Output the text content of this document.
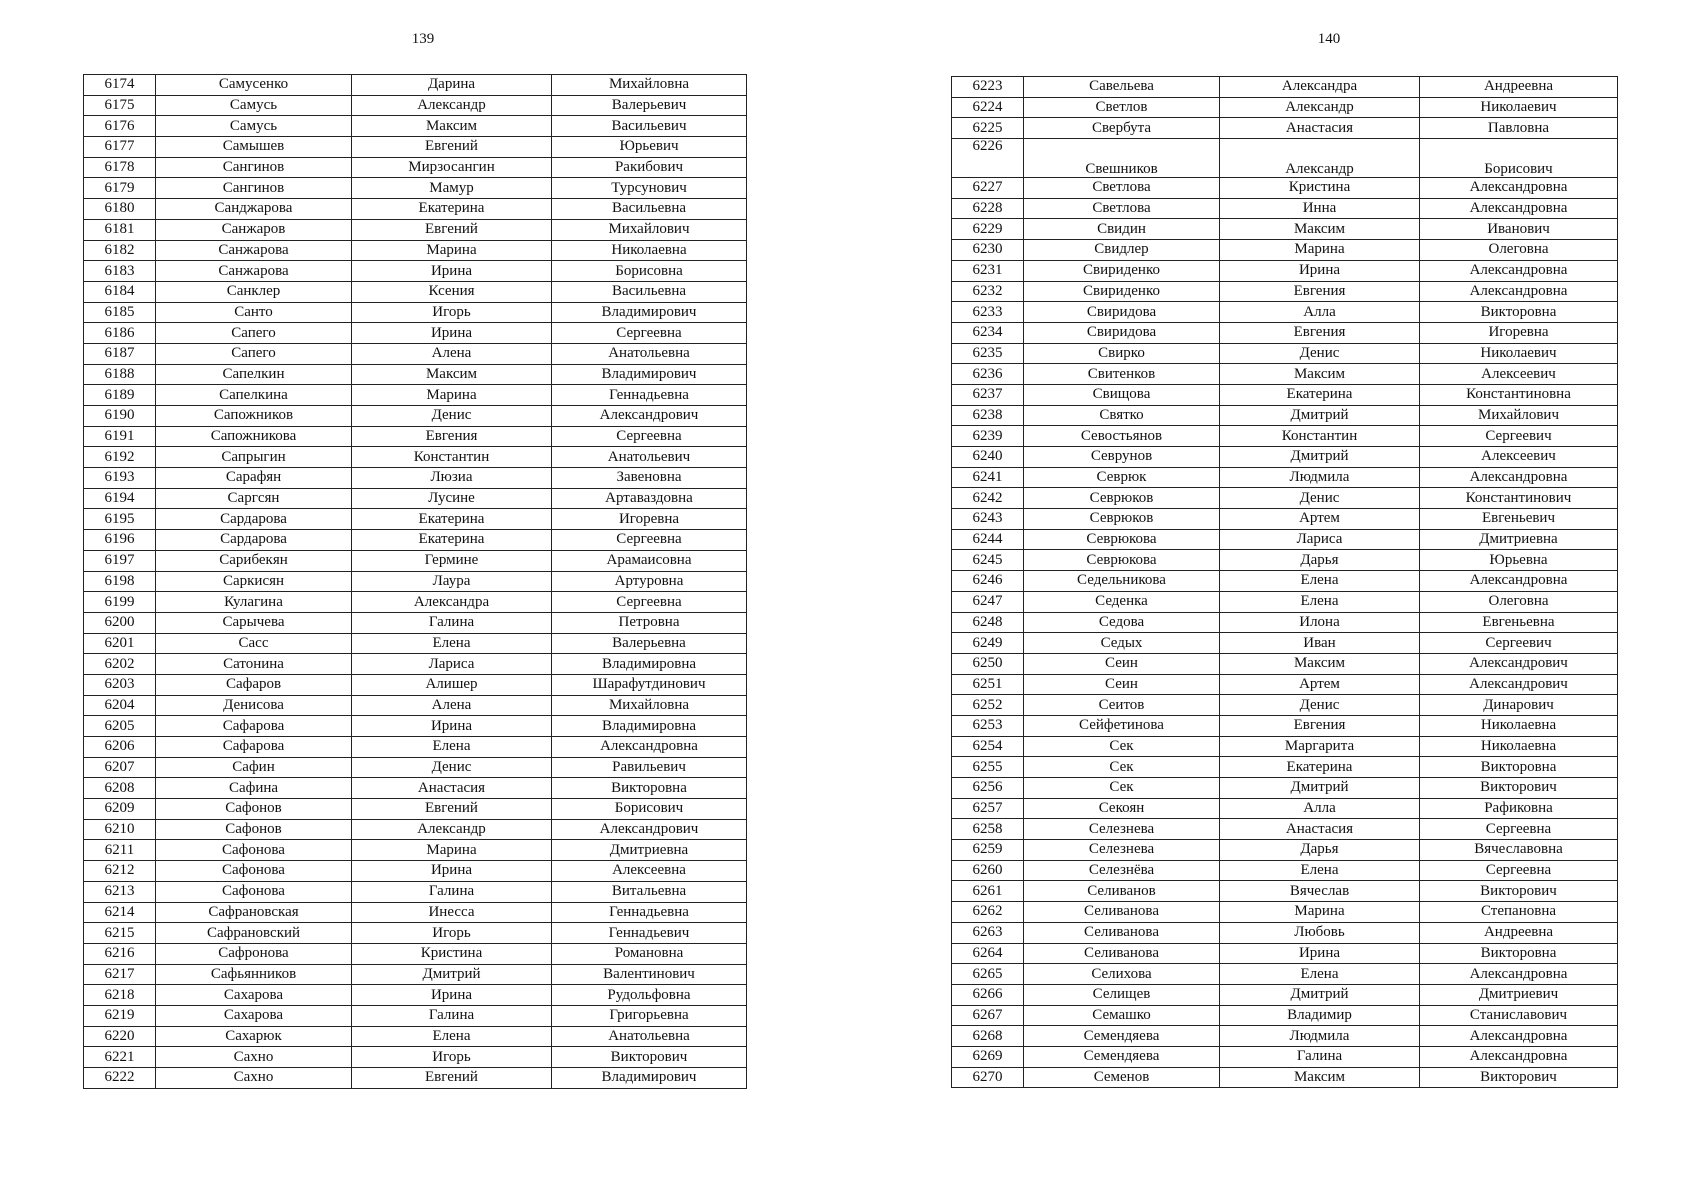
139
6174	Самусенко	Дарина	Михайловна
6175	Самусь	Александр	Валерьевич
6176	Самусь	Максим	Васильевич
6177	Самышев	Евгений	Юрьевич
6178	Сангинов	Мирзосангин	Ракибович
6179	Сангинов	Мамур	Турсунович
6180	Санджарова	Екатерина	Васильевна
6181	Санжаров	Евгений	Михайлович
6182	Санжарова	Марина	Николаевна
6183	Санжарова	Ирина	Борисовна
6184	Санклер	Ксения	Васильевна
6185	Санто	Игорь	Владимирович
6186	Сапего	Ирина	Сергеевна
6187	Сапего	Алена	Анатольевна
6188	Сапелкин	Максим	Владимирович
6189	Сапелкина	Марина	Геннадьевна
6190	Сапожников	Денис	Александрович
6191	Сапожникова	Евгения	Сергеевна
6192	Сапрыгин	Константин	Анатольевич
6193	Сарафян	Люзиа	Завеновна
6194	Саргсян	Лусине	Артаваздовна
6195	Сардарова	Екатерина	Игоревна
6196	Сардарова	Екатерина	Сергеевна
6197	Сарибекян	Гермине	Арамаисовна
6198	Саркисян	Лаура	Артуровна
6199	Кулагина	Александра	Сергеевна
6200	Сарычева	Галина	Петровна
6201	Сасс	Елена	Валерьевна
6202	Сатонина	Лариса	Владимировна
6203	Сафаров	Алишер	Шарафутдинович
6204	Денисова	Алена	Михайловна
6205	Сафарова	Ирина	Владимировна
6206	Сафарова	Елена	Александровна
6207	Сафин	Денис	Равильевич
6208	Сафина	Анастасия	Викторовна
6209	Сафонов	Евгений	Борисович
6210	Сафонов	Александр	Александрович
6211	Сафонова	Марина	Дмитриевна
6212	Сафонова	Ирина	Алексеевна
6213	Сафонова	Галина	Витальевна
6214	Сафрановская	Инесса	Геннадьевна
6215	Сафрановский	Игорь	Геннадьевич
6216	Сафронова	Кристина	Романовна
6217	Сафьянников	Дмитрий	Валентинович
6218	Сахарова	Ирина	Рудольфовна
6219	Сахарова	Галина	Григорьевна
6220	Сахарюк	Елена	Анатольевна
6221	Сахно	Игорь	Викторович
6222	Сахно	Евгений	Владимирович
140
6223	Савельева	Александра	Андреевна
6224	Светлов	Александр	Николаевич
6225	Свербута	Анастасия	Павловна
6226	Свешников	Александр	Борисович
6227	Светлова	Кристина	Александровна
6228	Светлова	Инна	Александровна
6229	Свидин	Максим	Иванович
6230	Свидлер	Марина	Олеговна
6231	Свириденко	Ирина	Александровна
6232	Свириденко	Евгения	Александровна
6233	Свиридова	Алла	Викторовна
6234	Свиридова	Евгения	Игоревна
6235	Свирко	Денис	Николаевич
6236	Свитенков	Максим	Алексеевич
6237	Свищова	Екатерина	Константиновна
6238	Святко	Дмитрий	Михайлович
6239	Севостьянов	Константин	Сергеевич
6240	Севрунов	Дмитрий	Алексеевич
6241	Севрюк	Людмила	Александровна
6242	Севрюков	Денис	Константинович
6243	Севрюков	Артем	Евгеньевич
6244	Севрюкова	Лариса	Дмитриевна
6245	Севрюкова	Дарья	Юрьевна
6246	Седельникова	Елена	Александровна
6247	Седенка	Елена	Олеговна
6248	Седова	Илона	Евгеньевна
6249	Седых	Иван	Сергеевич
6250	Сеин	Максим	Александрович
6251	Сеин	Артем	Александрович
6252	Сеитов	Денис	Динарович
6253	Сейфетинова	Евгения	Николаевна
6254	Сек	Маргарита	Николаевна
6255	Сек	Екатерина	Викторовна
6256	Сек	Дмитрий	Викторович
6257	Секоян	Алла	Рафиковна
6258	Селезнева	Анастасия	Сергеевна
6259	Селезнева	Дарья	Вячеславовна
6260	Селезнёва	Елена	Сергеевна
6261	Селиванов	Вячеслав	Викторович
6262	Селиванова	Марина	Степановна
6263	Селиванова	Любовь	Андреевна
6264	Селиванова	Ирина	Викторовна
6265	Селихова	Елена	Александровна
6266	Селищев	Дмитрий	Дмитриевич
6267	Семашко	Владимир	Станиславович
6268	Семендяева	Людмила	Александровна
6269	Семендяева	Галина	Александровна
6270	Семенов	Максим	Викторович
